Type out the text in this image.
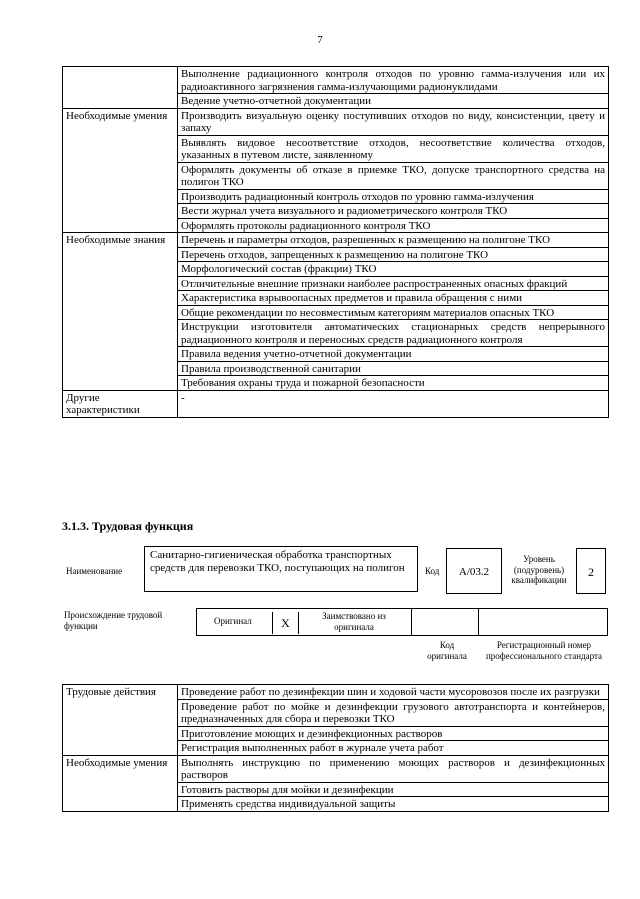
7
	Выполнение радиационного контроля отходов по уровню гамма-излучения или их радиоактивного загрязнения гамма-излучающими радионуклидами
	Ведение учетно-отчетной документации
Необходимые умения	Производить визуальную оценку поступивших отходов по виду, консистенции, цвету и запаху
	Выявлять видовое несоответствие отходов, несоответствие количества отходов, указанных в путевом листе, заявленному
	Оформлять документы об отказе в приемке ТКО, допуске транспортного средства на полигон ТКО
	Производить радиационный контроль отходов по уровню гамма-излучения
	Вести журнал учета визуального и радиометрического контроля ТКО
	Оформлять протоколы радиационного контроля ТКО
Необходимые знания	Перечень и параметры отходов, разрешенных к размещению на полигоне ТКО
	Перечень отходов, запрещенных к размещению на полигоне ТКО
	Морфологический состав (фракции) ТКО
	Отличительные внешние признаки наиболее распространенных опасных фракций
	Характеристика взрывоопасных предметов и правила обращения с ними
	Общие рекомендации по несовместимым категориям материалов опасных ТКО
	Инструкции изготовителя автоматических стационарных средств непрерывного радиационного контроля и переносных средств радиационного контроля
	Правила ведения учетно-отчетной документации
	Правила производственной санитарии
	Требования охраны труда и пожарной безопасности
Другие характеристики	-
3.1.3. Трудовая функция
Наименование
Санитарно-гигиеническая обработка транспортных средств для перевозки ТКО, поступающих на полигон	Код	А/03.2
Уровень (подуровень) квалификации
2
Происхождение трудовой функции	Оригинал	X	Заимствовано из оригинала
Код оригинала
Регистрационный номер профессионального стандарта
Трудовые действия	Проведение работ по дезинфекции шин и ходовой части мусоровозов после их разгрузки
	Проведение работ по мойке и дезинфекции грузового автотранспорта и контейнеров, предназначенных для сбора и перевозки ТКО
	Приготовление моющих и дезинфекционных растворов
	Регистрация выполненных работ в журнале учета работ
Необходимые умения	Выполнять инструкцию по применению моющих растворов и дезинфекционных растворов
	Готовить растворы для мойки и дезинфекции
	Применять средства индивидуальной защиты
